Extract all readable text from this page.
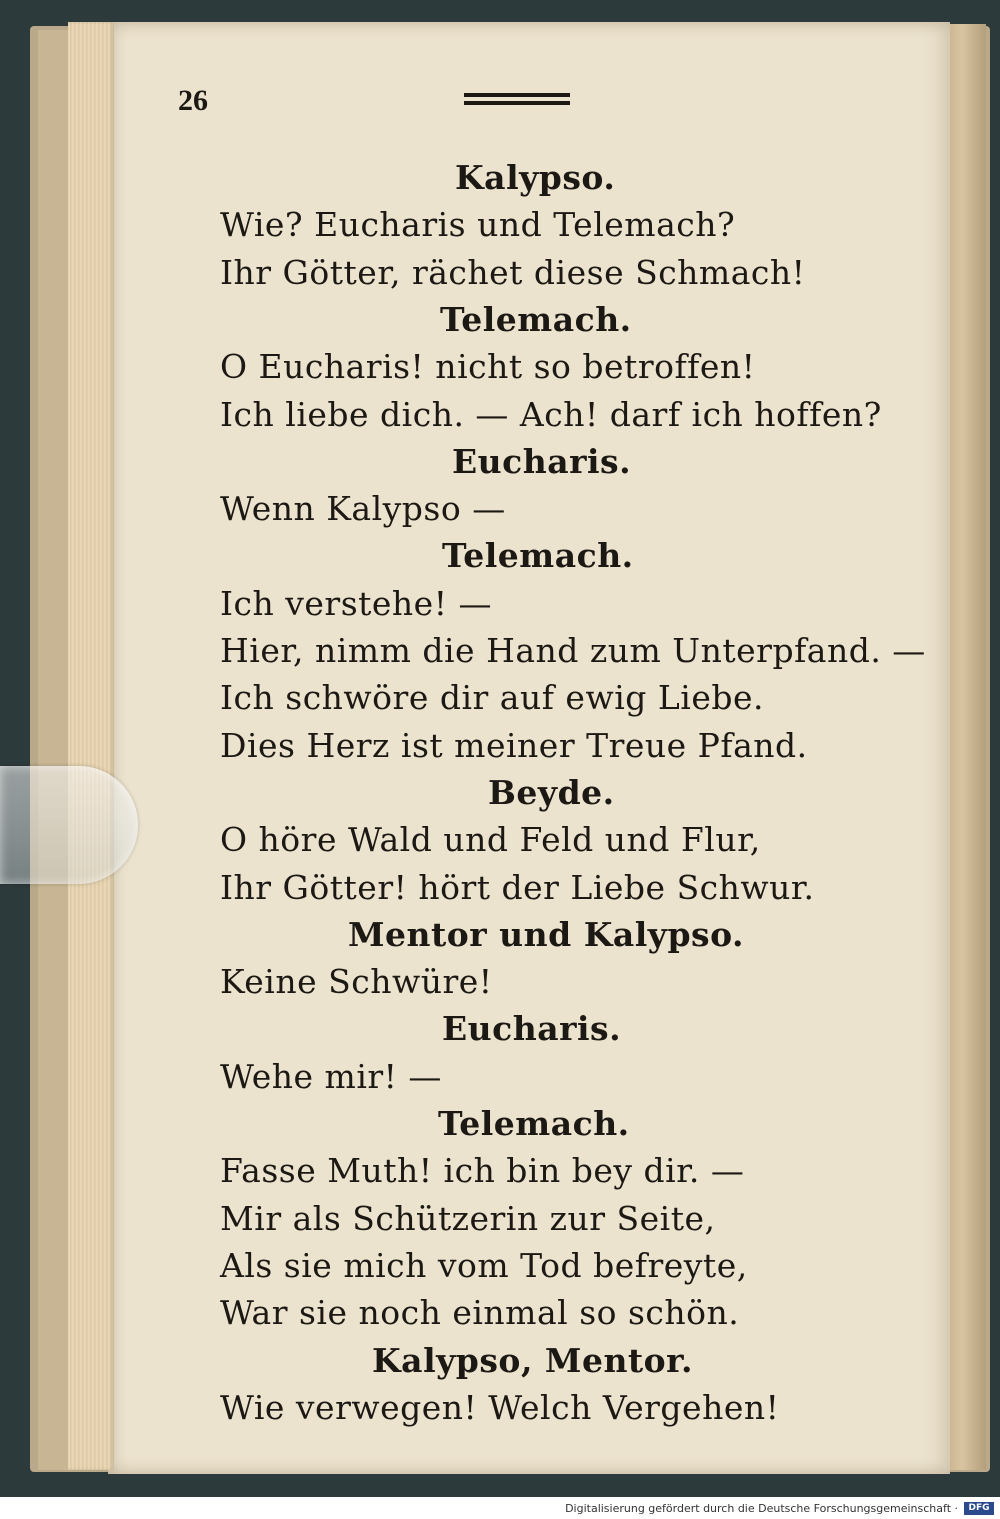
26
Kalypso.
Wie? Eucharis und Telemach?
Ihr Götter, rächet diese Schmach!
Telemach.
O Eucharis! nicht so betroffen!
Ich liebe dich. — Ach! darf ich hoffen?
Eucharis.
Wenn Kalypso —
Telemach.
Ich verstehe! —
Hier, nimm die Hand zum Unterpfand. —
Ich schwöre dir auf ewig Liebe.
Dies Herz ist meiner Treue Pfand.
Beyde.
O höre Wald und Feld und Flur,
Ihr Götter! hört der Liebe Schwur.
Mentor und Kalypso.
Keine Schwüre!
Eucharis.
Wehe mir! —
Telemach.
Fasse Muth! ich bin bey dir. —
Mir als Schützerin zur Seite,
Als sie mich vom Tod befreyte,
War sie noch einmal so schön.
Kalypso, Mentor.
Wie verwegen! Welch Vergehen!
Digitalisierung gefördert durch die Deutsche Forschungsgemeinschaft ·	DFG
